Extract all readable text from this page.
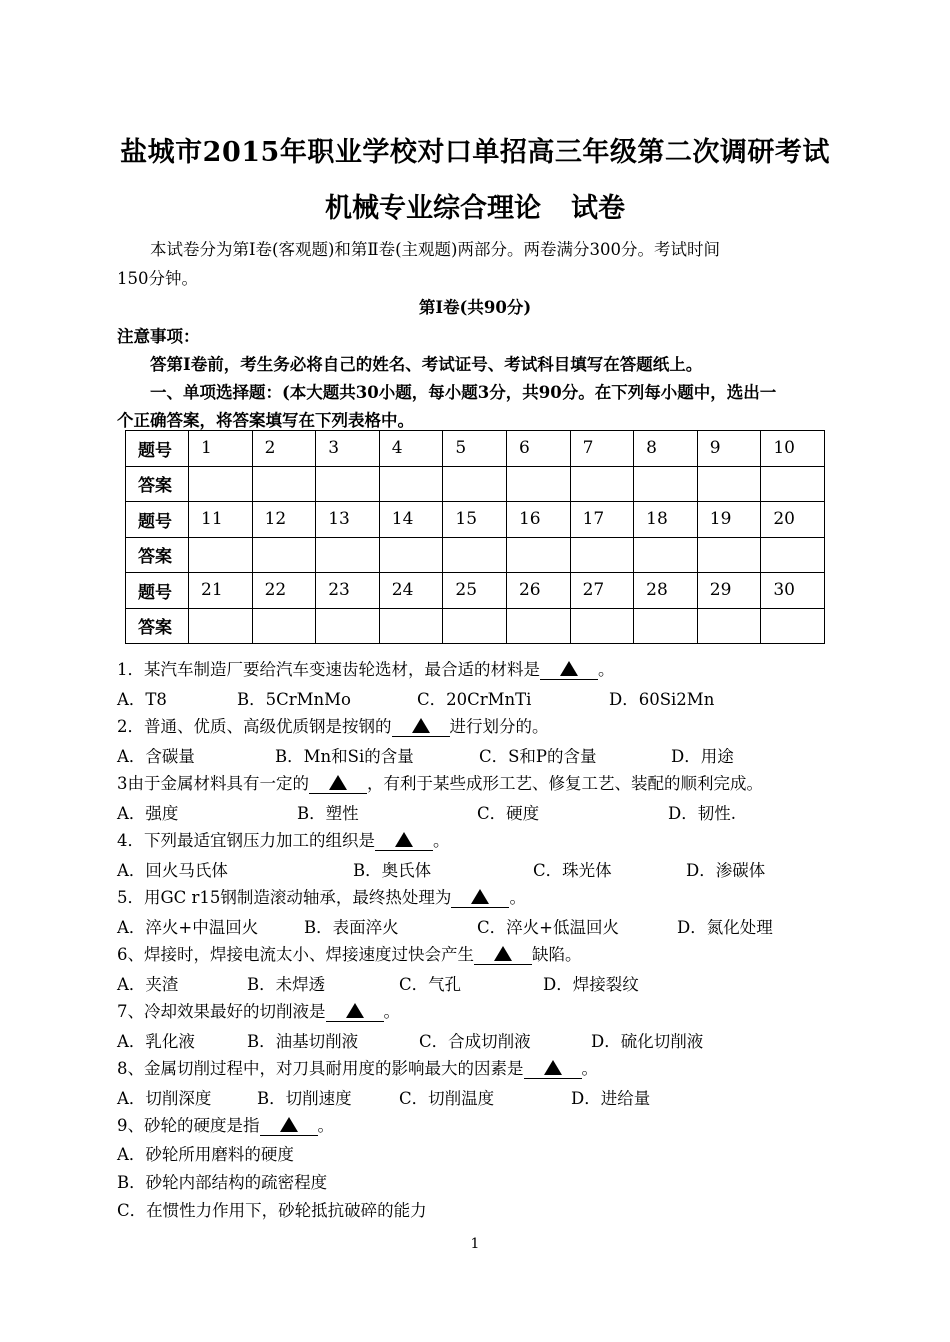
盐城市2015年职业学校对口单招高三年级第二次调研考试
机械专业综合理论 试卷
本试卷分为第Ⅰ卷(客观题)和第Ⅱ卷(主观题)两部分。两卷满分300分。考试时间
150分钟。
第Ⅰ卷(共90分)
注意事项：
答第Ⅰ卷前，考生务必将自己的姓名、考试证号、考试科目填写在答题纸上。
一、单项选择题：(本大题共30小题，每小题3分，共90分。在下列每小题中，选出一
个正确答案，将答案填写在下列表格中。
题号	1	2	3	4	5	6	7	8	9	10
答案										
题号	11	12	13	14	15	16	17	18	19	20
答案										
题号	21	22	23	24	25	26	27	28	29	30
答案										
1．某汽车制造厂要给汽车变速齿轮选材，最合适的材料是	。
A．T8	B．5CrMnMo	C．20CrMnTi	D．60Si2Mn
2．普通、优质、高级优质钢是按钢的	进行划分的。
A．含碳量	B．Mn和Si的含量	C．S和P的含量	D．用途
3由于金属材料具有一定的	，有利于某些成形工艺、修复工艺、装配的顺利完成。
A．强度	B．塑性	C．硬度	D．韧性.
4．下列最适宜钢压力加工的组织是	。
A．回火马氏体	B．奥氏体	C．珠光体	D．渗碳体
5．用GC r15钢制造滚动轴承，最终热处理为	。
A．淬火+中温回火	B．表面淬火	C．淬火+低温回火	D．氮化处理
6、焊接时，焊接电流太小、焊接速度过快会产生	缺陷。
A．夹渣	B．未焊透	C．气孔	D．焊接裂纹
7、冷却效果最好的切削液是	。
A．乳化液	B．油基切削液	C．合成切削液	D．硫化切削液
8、金属切削过程中，对刀具耐用度的影响最大的因素是	。
A．切削深度	B．切削速度	C．切削温度	D．进给量
9、砂轮的硬度是指	。
A．砂轮所用磨料的硬度
B．砂轮内部结构的疏密程度
C．在惯性力作用下，砂轮抵抗破碎的能力
1
